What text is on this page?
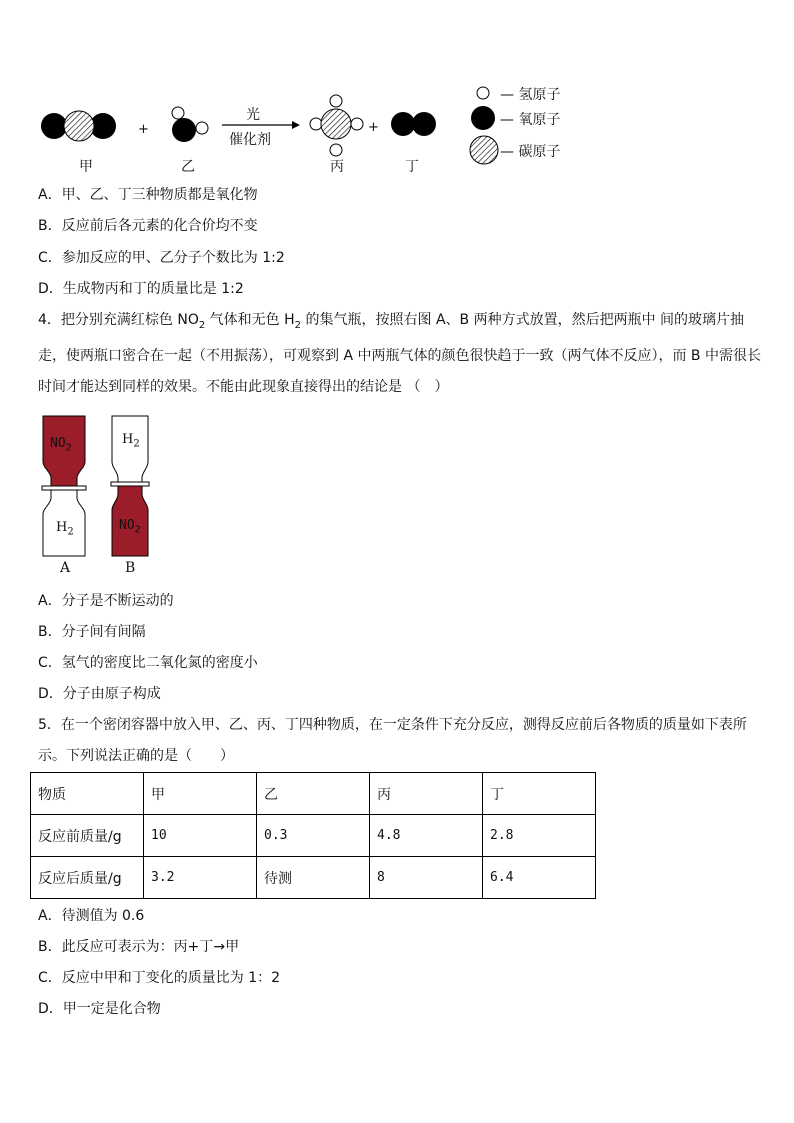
甲
+
乙
光
催化剂
丙
+
丁
— 氢原子
— 氧原子
— 碳原子
A．甲、乙、丁三种物质都是氧化物
B．反应前后各元素的化合价均不变
C．参加反应的甲、乙分子个数比为 1:2
D．生成物丙和丁的质量比是 1:2
4．把分别充满红棕色 $NO_2$ 气体和无色 $H_2$ 的集气瓶，按照右图 A、B 两种方式放置，然后把两瓶中 间的玻璃片抽走，使两瓶口密合在一起（不用振荡），可观察到 A 中两瓶气体的颜色很快趋于一致（两气体不反应），而 B 中需很长时间才能达到同样的效果。不能由此现象直接得出的结论是 （　）
$NO_2$
$H_2$
$H_2$
$NO_2$
A	B
A．分子是不断运动的
B．分子间有间隔
C．氢气的密度比二氧化氮的密度小
D．分子由原子构成
5．在一个密闭容器中放入甲、乙、丙、丁四种物质，在一定条件下充分反应，测得反应前后各物质的质量如下表所示。下列说法正确的是（　　）
物质	甲	乙	丙	丁
反应前质量/g	10	0.3	4.8	2.8
反应后质量/g	3.2	待测	8	6.4
A．待测值为 0.6
B．此反应可表示为：丙+丁→甲
C．反应中甲和丁变化的质量比为 1：2
D．甲一定是化合物
